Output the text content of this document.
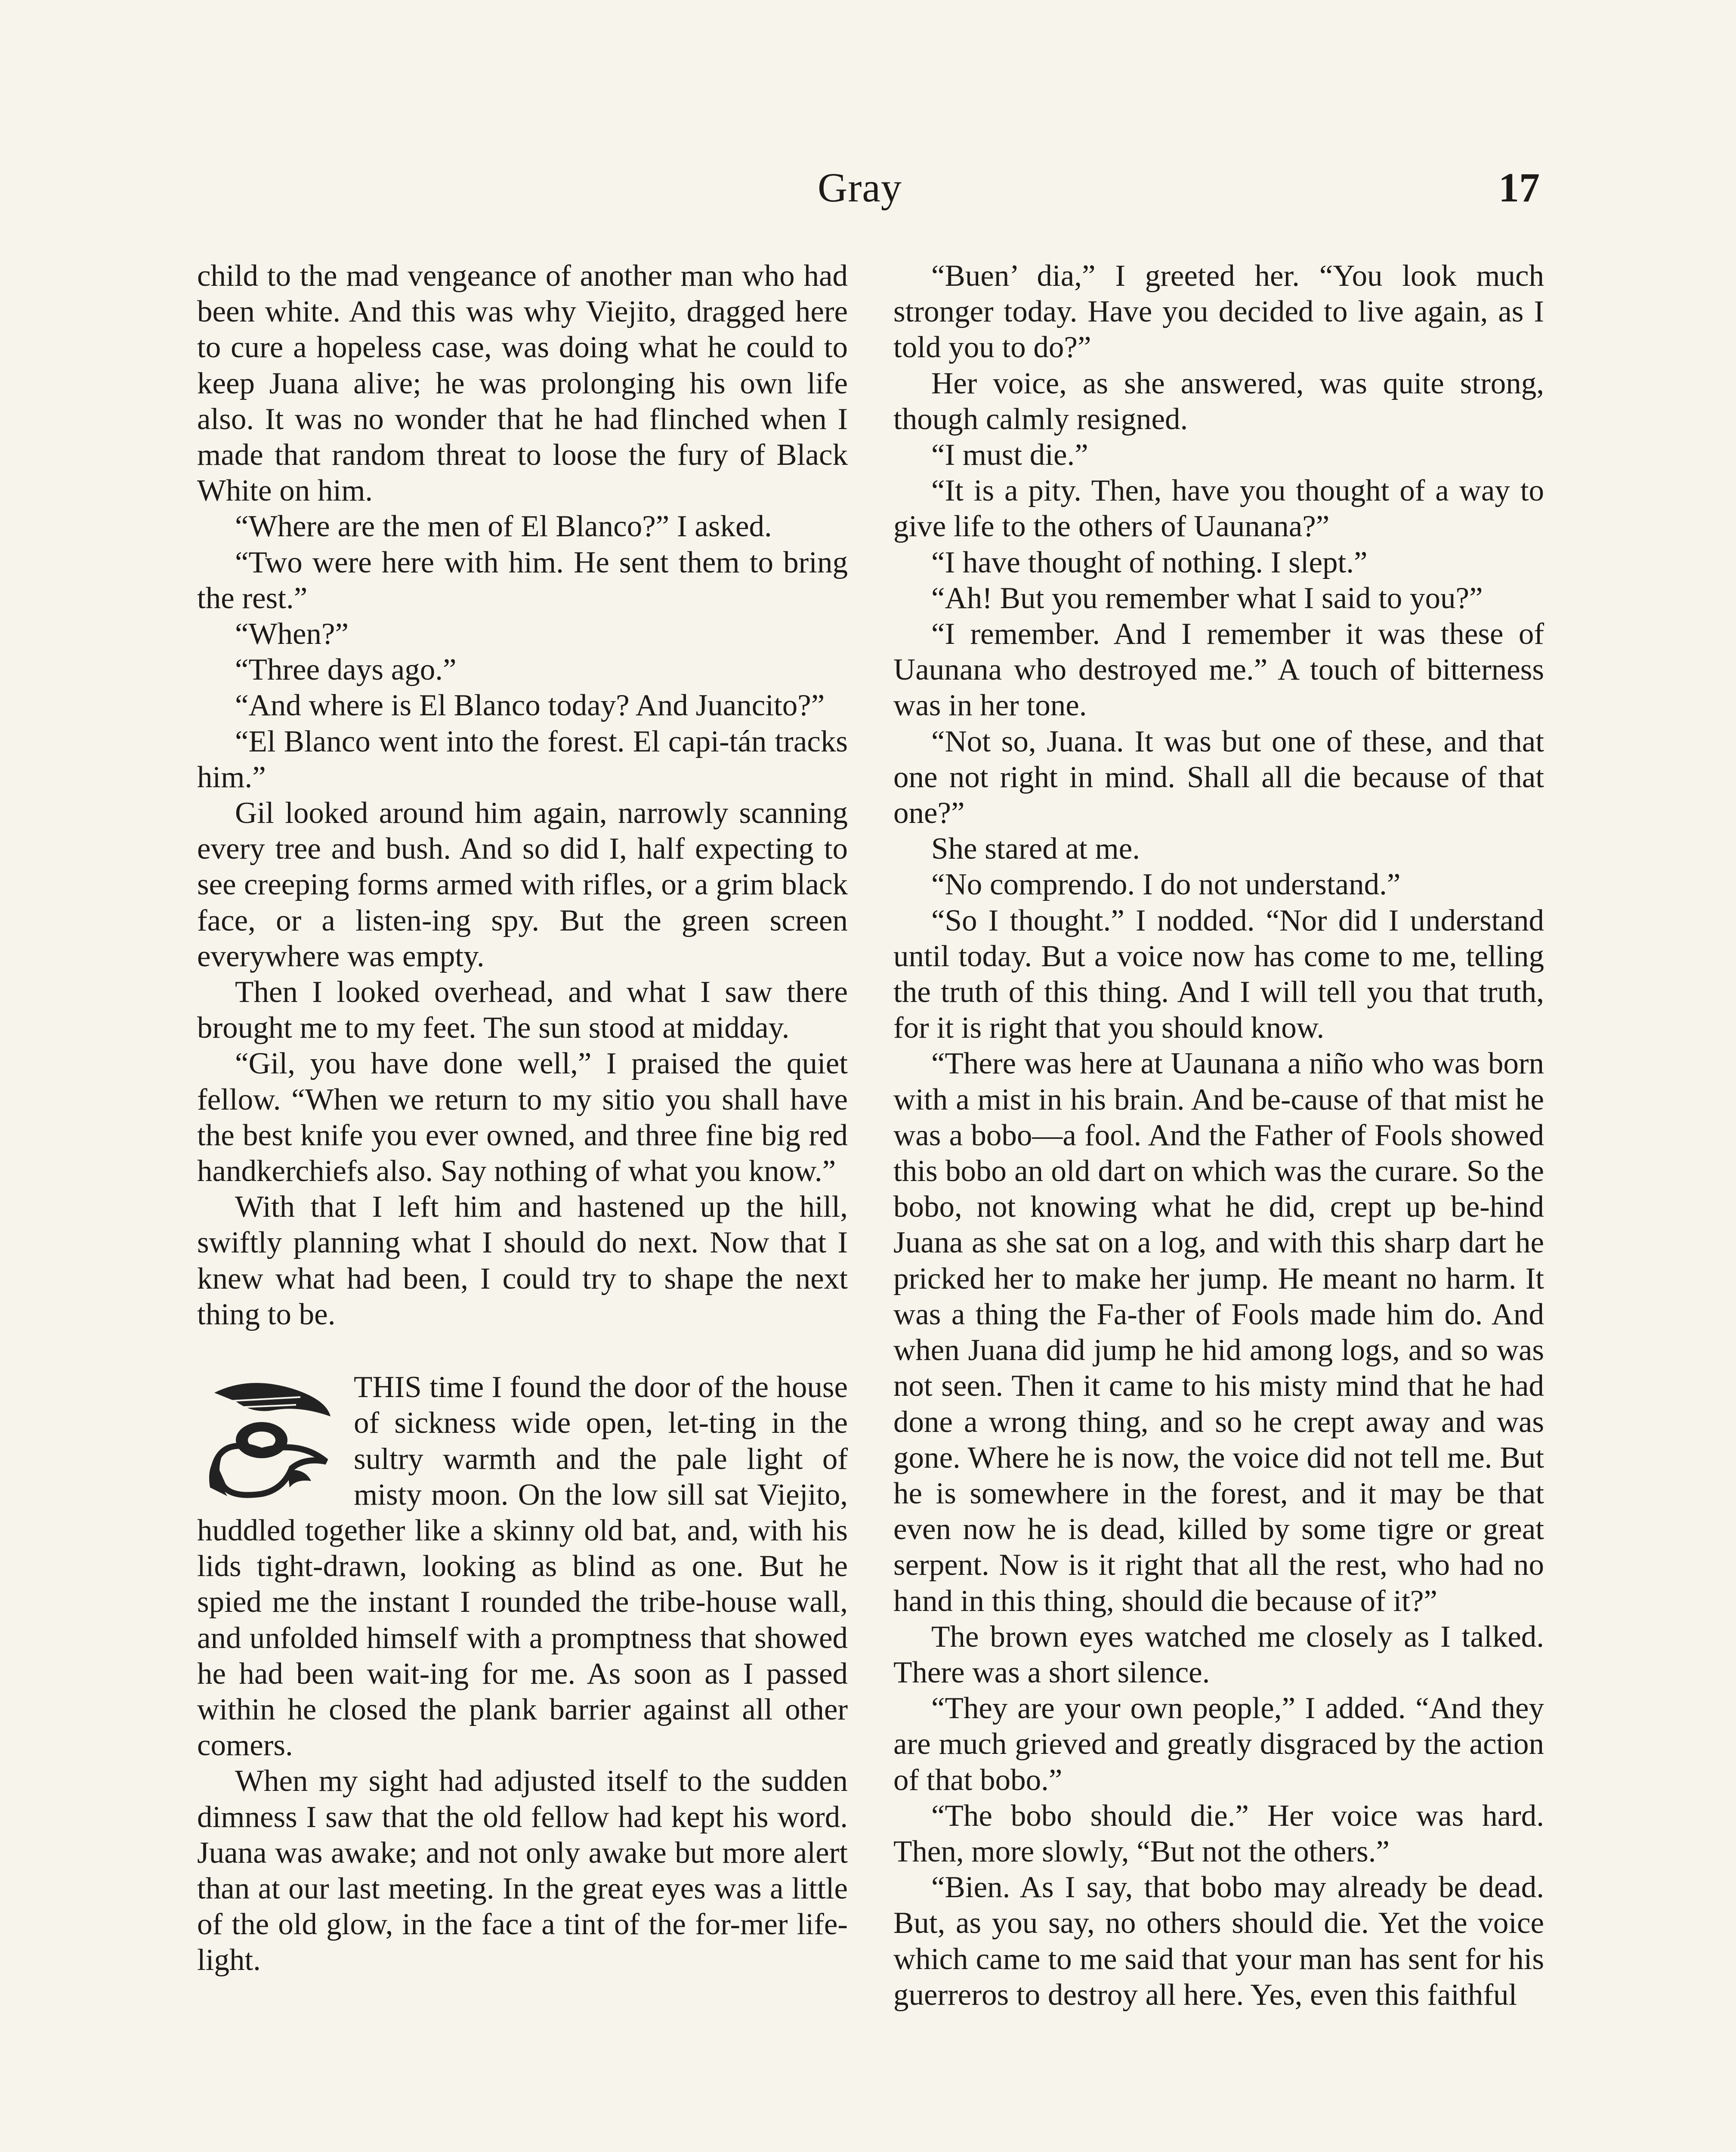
Gray	17

child to the mad vengeance of another man who had been white. And this was why Viejito, dragged here to cure a hopeless case, was doing what he could to keep Juana alive; he was prolonging his own life also. It was no wonder that he had flinched when I made that random threat to loose the fury of Black White on him.

“Where are the men of El Blanco?” I asked.

“Two were here with him. He sent them to bring the rest.”

“When?”

“Three days ago.”

“And where is El Blanco today? And Juancito?”

“El Blanco went into the forest. El capi-tán tracks him.”

Gil looked around him again, narrowly scanning every tree and bush. And so did I, half expecting to see creeping forms armed with rifles, or a grim black face, or a listen-ing spy. But the green screen everywhere was empty.

Then I looked overhead, and what I saw there brought me to my feet. The sun stood at midday.

“Gil, you have done well,” I praised the quiet fellow. “When we return to my sitio you shall have the best knife you ever owned, and three fine big red handkerchiefs also. Say nothing of what you know.”

With that I left him and hastened up the hill, swiftly planning what I should do next. Now that I knew what had been, I could try to shape the next thing to be.

THIS time I found the door of the house of sickness wide open, let-ting in the sultry warmth and the pale light of misty moon. On the low sill sat Viejito, huddled together like a skinny old bat, and, with his lids tight-drawn, looking as blind as one. But he spied me the instant I rounded the tribe-house wall, and unfolded himself with a promptness that showed he had been wait-ing for me. As soon as I passed within he closed the plank barrier against all other comers.

When my sight had adjusted itself to the sudden dimness I saw that the old fellow had kept his word. Juana was awake; and not only awake but more alert than at our last meeting. In the great eyes was a little of the old glow, in the face a tint of the for-mer life-light.

“Buen’ dia,” I greeted her. “You look much stronger today. Have you decided to live again, as I told you to do?”

Her voice, as she answered, was quite strong, though calmly resigned.

“I must die.”

“It is a pity. Then, have you thought of a way to give life to the others of Uaunana?”

“I have thought of nothing. I slept.”

“Ah! But you remember what I said to you?”

“I remember. And I remember it was these of Uaunana who destroyed me.” A touch of bitterness was in her tone.

“Not so, Juana. It was but one of these, and that one not right in mind. Shall all die because of that one?”

She stared at me.

“No comprendo. I do not understand.”

“So I thought.” I nodded. “Nor did I understand until today. But a voice now has come to me, telling the truth of this thing. And I will tell you that truth, for it is right that you should know.

“There was here at Uaunana a niño who was born with a mist in his brain. And be-cause of that mist he was a bobo—a fool. And the Father of Fools showed this bobo an old dart on which was the curare. So the bobo, not knowing what he did, crept up be-hind Juana as she sat on a log, and with this sharp dart he pricked her to make her jump. He meant no harm. It was a thing the Fa-ther of Fools made him do. And when Juana did jump he hid among logs, and so was not seen. Then it came to his misty mind that he had done a wrong thing, and so he crept away and was gone. Where he is now, the voice did not tell me. But he is somewhere in the forest, and it may be that even now he is dead, killed by some tigre or great serpent. Now is it right that all the rest, who had no hand in this thing, should die because of it?”

The brown eyes watched me closely as I talked. There was a short silence.

“They are your own people,” I added. “And they are much grieved and greatly disgraced by the action of that bobo.”

“The bobo should die.” Her voice was hard. Then, more slowly, “But not the others.”

“Bien. As I say, that bobo may already be dead. But, as you say, no others should die. Yet the voice which came to me said that your man has sent for his guerreros to destroy all here. Yes, even this faithful
